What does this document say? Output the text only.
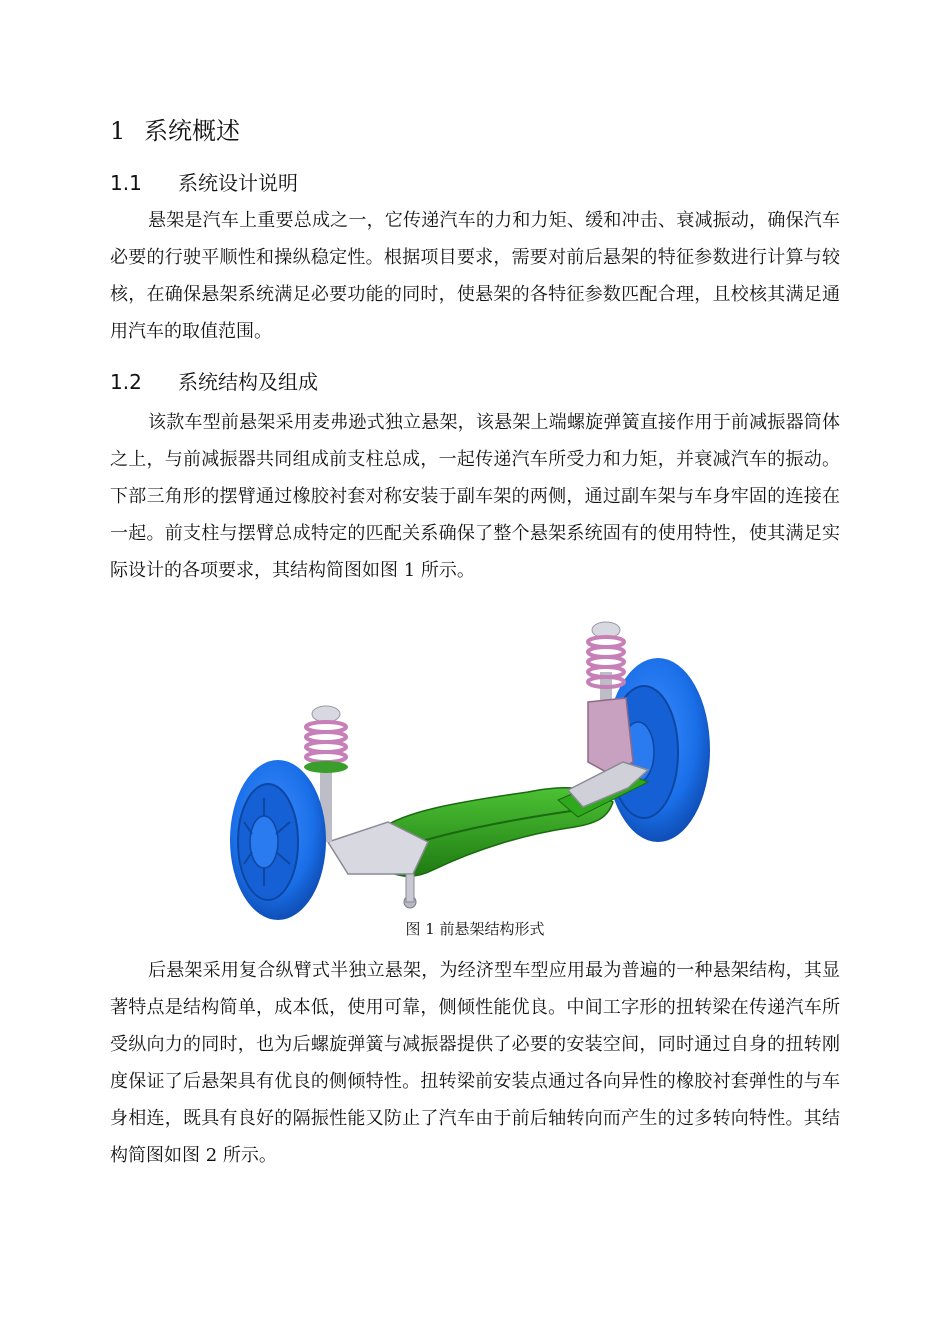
1 系统概述
1.1 系统设计说明

悬架是汽车上重要总成之一，它传递汽车的力和力矩、缓和冲击、衰减振动，确保汽车必要的行驶平顺性和操纵稳定性。根据项目要求，需要对前后悬架的特征参数进行计算与较核，在确保悬架系统满足必要功能的同时，使悬架的各特征参数匹配合理，且校核其满足通用汽车的取值范围。

1.2 系统结构及组成

该款车型前悬架采用麦弗逊式独立悬架，该悬架上端螺旋弹簧直接作用于前减振器筒体之上，与前减振器共同组成前支柱总成，一起传递汽车所受力和力矩，并衰减汽车的振动。下部三角形的摆臂通过橡胶衬套对称安装于副车架的两侧，通过副车架与车身牢固的连接在一起。前支柱与摆臂总成特定的匹配关系确保了整个悬架系统固有的使用特性，使其满足实际设计的各项要求，其结构简图如图 1 所示。

图 1 前悬架结构形式

后悬架采用复合纵臂式半独立悬架，为经济型车型应用最为普遍的一种悬架结构，其显著特点是结构简单，成本低，使用可靠，侧倾性能优良。中间工字形的扭转梁在传递汽车所受纵向力的同时，也为后螺旋弹簧与减振器提供了必要的安装空间，同时通过自身的扭转刚度保证了后悬架具有优良的侧倾特性。扭转梁前安装点通过各向异性的橡胶衬套弹性的与车身相连，既具有良好的隔振性能又防止了汽车由于前后轴转向而产生的过多转向特性。其结构简图如图 2 所示。
